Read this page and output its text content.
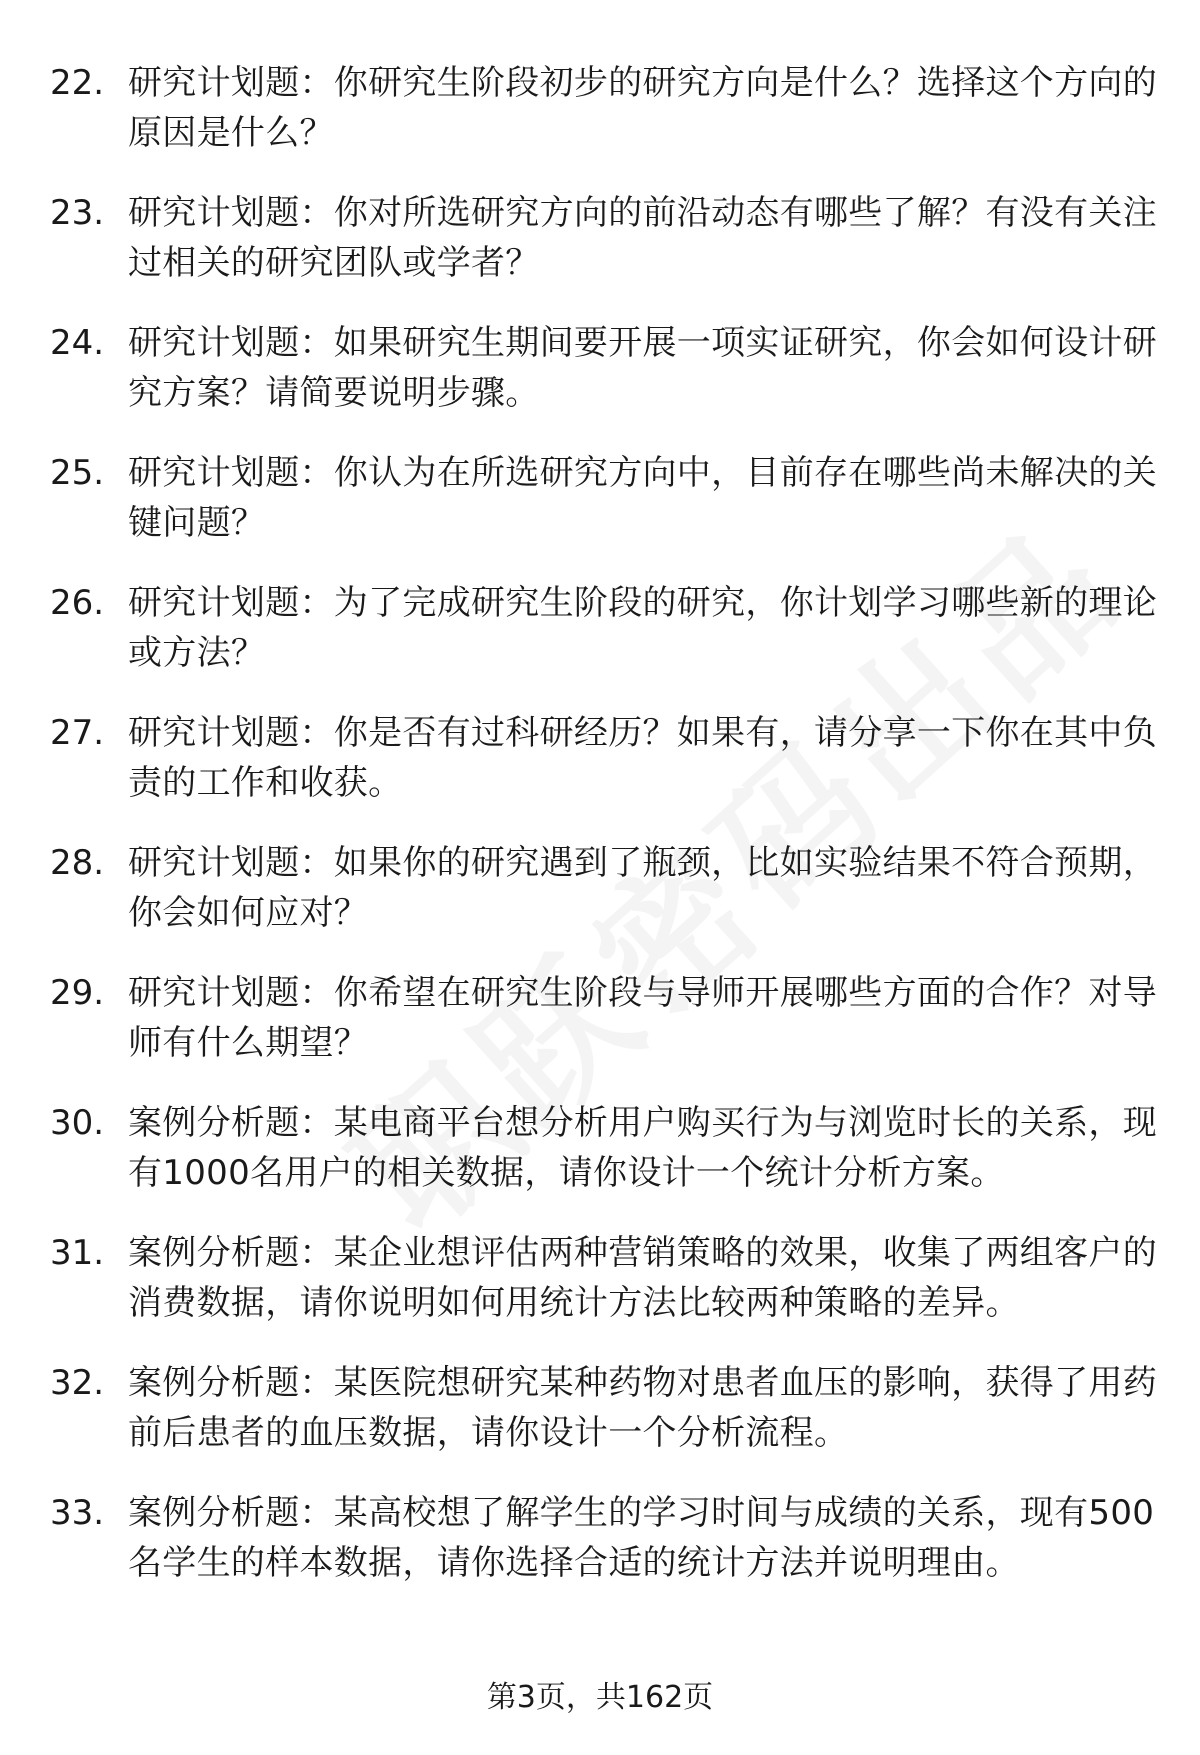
22. 研究计划题：你研究生阶段初步的研究方向是什么？选择这个方向的原因是什么？
23. 研究计划题：你对所选研究方向的前沿动态有哪些了解？有没有关注过相关的研究团队或学者？
24. 研究计划题：如果研究生期间要开展一项实证研究，你会如何设计研究方案？请简要说明步骤。
25. 研究计划题：你认为在所选研究方向中，目前存在哪些尚未解决的关键问题？
26. 研究计划题：为了完成研究生阶段的研究，你计划学习哪些新的理论或方法？
27. 研究计划题：你是否有过科研经历？如果有，请分享一下你在其中负责的工作和收获。
28. 研究计划题：如果你的研究遇到了瓶颈，比如实验结果不符合预期，你会如何应对？
29. 研究计划题：你希望在研究生阶段与导师开展哪些方面的合作？对导师有什么期望？
30. 案例分析题：某电商平台想分析用户购买行为与浏览时长的关系，现有1000名用户的相关数据，请你设计一个统计分析方案。
31. 案例分析题：某企业想评估两种营销策略的效果，收集了两组客户的消费数据，请你说明如何用统计方法比较两种策略的差异。
32. 案例分析题：某医院想研究某种药物对患者血压的影响，获得了用药前后患者的血压数据，请你设计一个分析流程。
33. 案例分析题：某高校想了解学生的学习时间与成绩的关系，现有500名学生的样本数据，请你选择合适的统计方法并说明理由。
第3页，共162页
